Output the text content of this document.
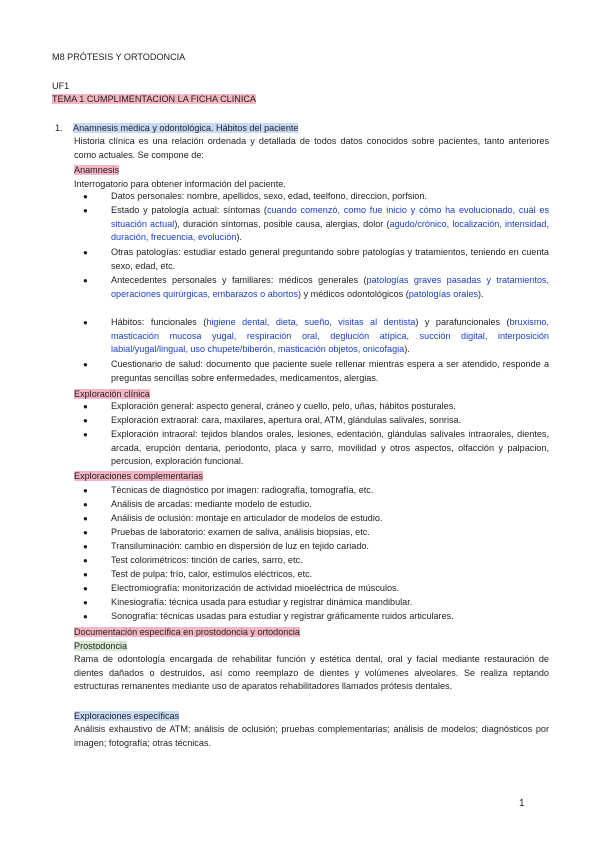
M8 PRÓTESIS Y ORTODONCIA
UF1
TEMA 1 CUMPLIMENTACION LA FICHA CLINICA
1. Anamnesis médica y odontológica. Hábitos del paciente
Historia clínica es una relación ordenada y detallada de todos datos conocidos sobre pacientes, tanto anteriores como actuales. Se compone de:
Anamnesis
Interrogatorio para obtener información del paciente.
●	Datos personales: nombre, apellidos, sexo, edad, teelfono, direccion, porfsion.
●	Estado y patología actual: síntomas (cuando comenzó, como fue inicio y cómo ha evolucionado, cuál es situación actual), duración síntomas, posible causa, alergias, dolor (agudo/crónico, localización, intensidad, duración, frecuencia, evolución).
●	Otras patologías: estudiar estado general preguntando sobre patologías y tratamientos, teniendo en cuenta sexo, edad, etc.
●	Antecedentes personales y familiares: médicos generales (patologías graves pasadas y tratamientos, operaciones quirúrgicas, embarazos o abortos) y médicos odontológicos (patologías orales).
●	Hábitos: funcionales (higiene dental, dieta, sueño, visitas al dentista) y parafuncionales (bruxismo, masticación mucosa yugal, respiración oral, deglución atípica, succión digital, interposición labial/yugal/lingual, uso chupete/biberón, masticación objetos, onicofagia).
●	Cuestionario de salud: documento que paciente suele rellenar mientras espera a ser atendido, responde a preguntas sencillas sobre enfermedades, medicamentos, alergias.
Exploración clínica
●	Exploración general: aspecto general, cráneo y cuello, pelo, uñas, hábitos posturales.
●	Exploración extraoral: cara, maxilares, apertura oral, ATM, glándulas salivales, sonrisa.
●	Exploración intraoral: tejidos blandos orales, lesiones, edentación, glándulas salivales intraorales, dientes, arcada, erupción dentaria, periodonto, placa y sarro, movilidad y otros aspectos, olfacción y palpacion, percusion, exploración funcional.
Exploraciones complementarias
●	Técnicas de diagnóstico por imagen: radiografía, tomografía, etc.
●	Análisis de arcadas: mediante modelo de estudio.
●	Análisis de oclusión: montaje en articulador de modelos de estudio.
●	Pruebas de laboratorio: examen de saliva, análisis biopsias, etc.
●	Transiluminación: cambio en dispersión de luz en tejido cariado.
●	Test colorimétricos: tinción de caries, sarro, etc.
●	Test de pulpa: frío, calor, estímulos eléctricos, etc.
●	Electromiografía: monitorización de actividad mioeléctrica de músculos.
●	Kinesiografía: técnica usada para estudiar y registrar dinámica mandibular.
●	Sonografía: técnicas usadas para estudiar y registrar gráficamente ruidos articulares.
Documentación específica en prostodoncia y ortodoncia
Prostodoncia
Rama de odontología encargada de rehabilitar función y estética dental, oral y facial mediante restauración de dientes dañados o destruidos, así como reemplazo de dientes y volúmenes alveolares. Se realiza reptando estructuras remanentes mediante uso de aparatos rehabilitadores llamados prótesis dentales.
Exploraciones específicas
Análisis exhaustivo de ATM; análisis de oclusión; pruebas complementarias; análisis de modelos; diagnósticos por imagen; fotografía; otras técnicas.
1
